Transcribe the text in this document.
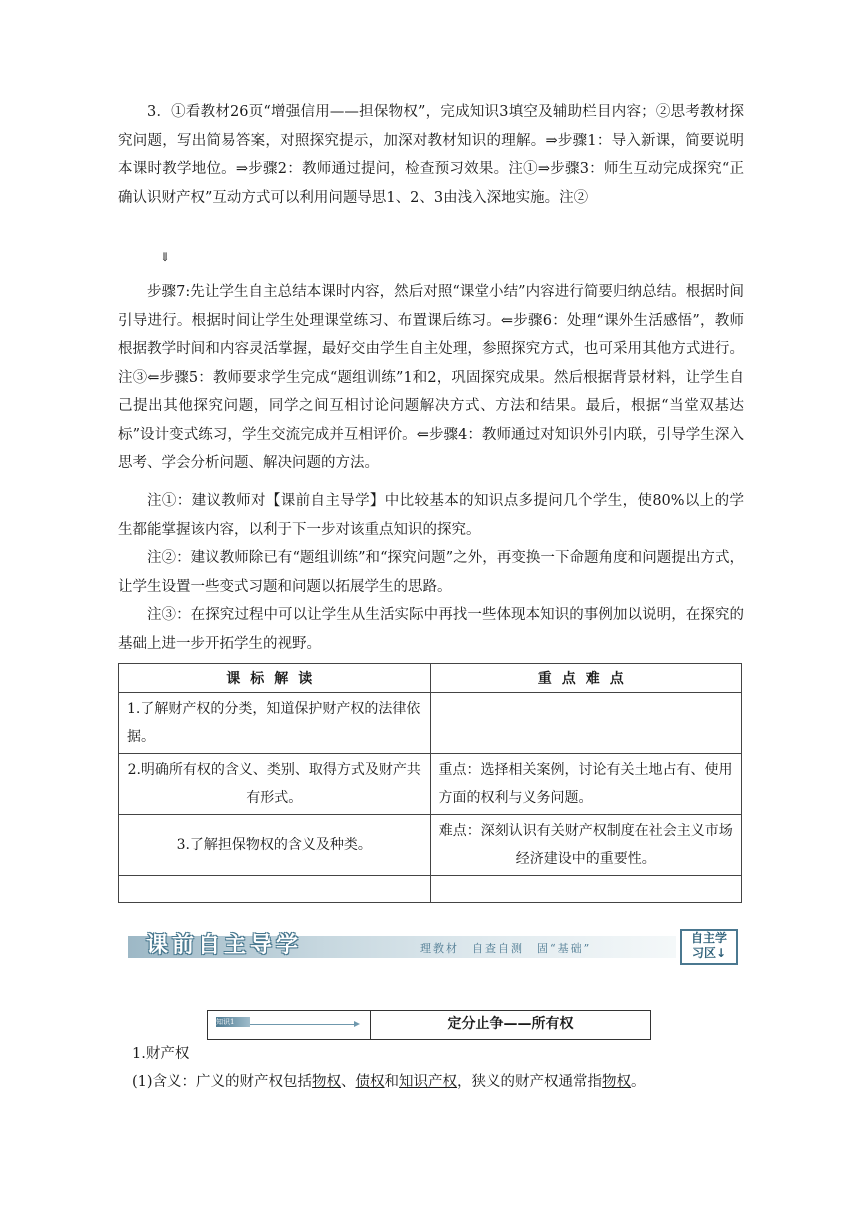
3．①看教材26页“增强信用——担保物权”，完成知识3填空及辅助栏目内容；②思考教材探究问题，写出简易答案，对照探究提示，加深对教材知识的理解。⇒步骤1：导入新课，简要说明本课时教学地位。⇒步骤2：教师通过提问，检查预习效果。注①⇒步骤3：师生互动完成探究“正确认识财产权”互动方式可以利用问题导思1、2、3由浅入深地实施。注②

⇓

步骤7:先让学生自主总结本课时内容，然后对照“课堂小结”内容进行简要归纳总结。根据时间引导进行。根据时间让学生处理课堂练习、布置课后练习。⇐步骤6：处理“课外生活感悟”，教师根据教学时间和内容灵活掌握，最好交由学生自主处理，参照探究方式，也可采用其他方式进行。注③⇐步骤5：教师要求学生完成“题组训练”1和2，巩固探究成果。然后根据背景材料，让学生自己提出其他探究问题，同学之间互相讨论问题解决方式、方法和结果。最后，根据“当堂双基达标”设计变式练习，学生交流完成并互相评价。⇐步骤4：教师通过对知识外引内联，引导学生深入思考、学会分析问题、解决问题的方法。

注①：建议教师对【课前自主导学】中比较基本的知识点多提问几个学生，使80%以上的学生都能掌握该内容，以利于下一步对该重点知识的探究。

注②：建议教师除已有“题组训练”和“探究问题”之外，再变换一下命题角度和问题提出方式，让学生设置一些变式习题和问题以拓展学生的思路。

注③：在探究过程中可以让学生从生活实际中再找一些体现本知识的事例加以说明，在探究的基础上进一步开拓学生的视野。

课标解读	重点难点
1.了解财产权的分类，知道保护财产权的法律依据。	
2.明确所有权的含义、类别、取得方式及财产共有形式。	重点：选择相关案例，讨论有关土地占有、使用方面的权利与义务问题。
3.了解担保物权的含义及种类。	难点：深刻认识有关财产权制度在社会主义市场经济建设中的重要性。

课前自主导学	理教材　自查自测　固“基础”
自主学
习区↓
知识1	定分止争——所有权

1.财产权

(1)含义：广义的财产权包括物权、债权和知识产权，狭义的财产权通常指物权。
